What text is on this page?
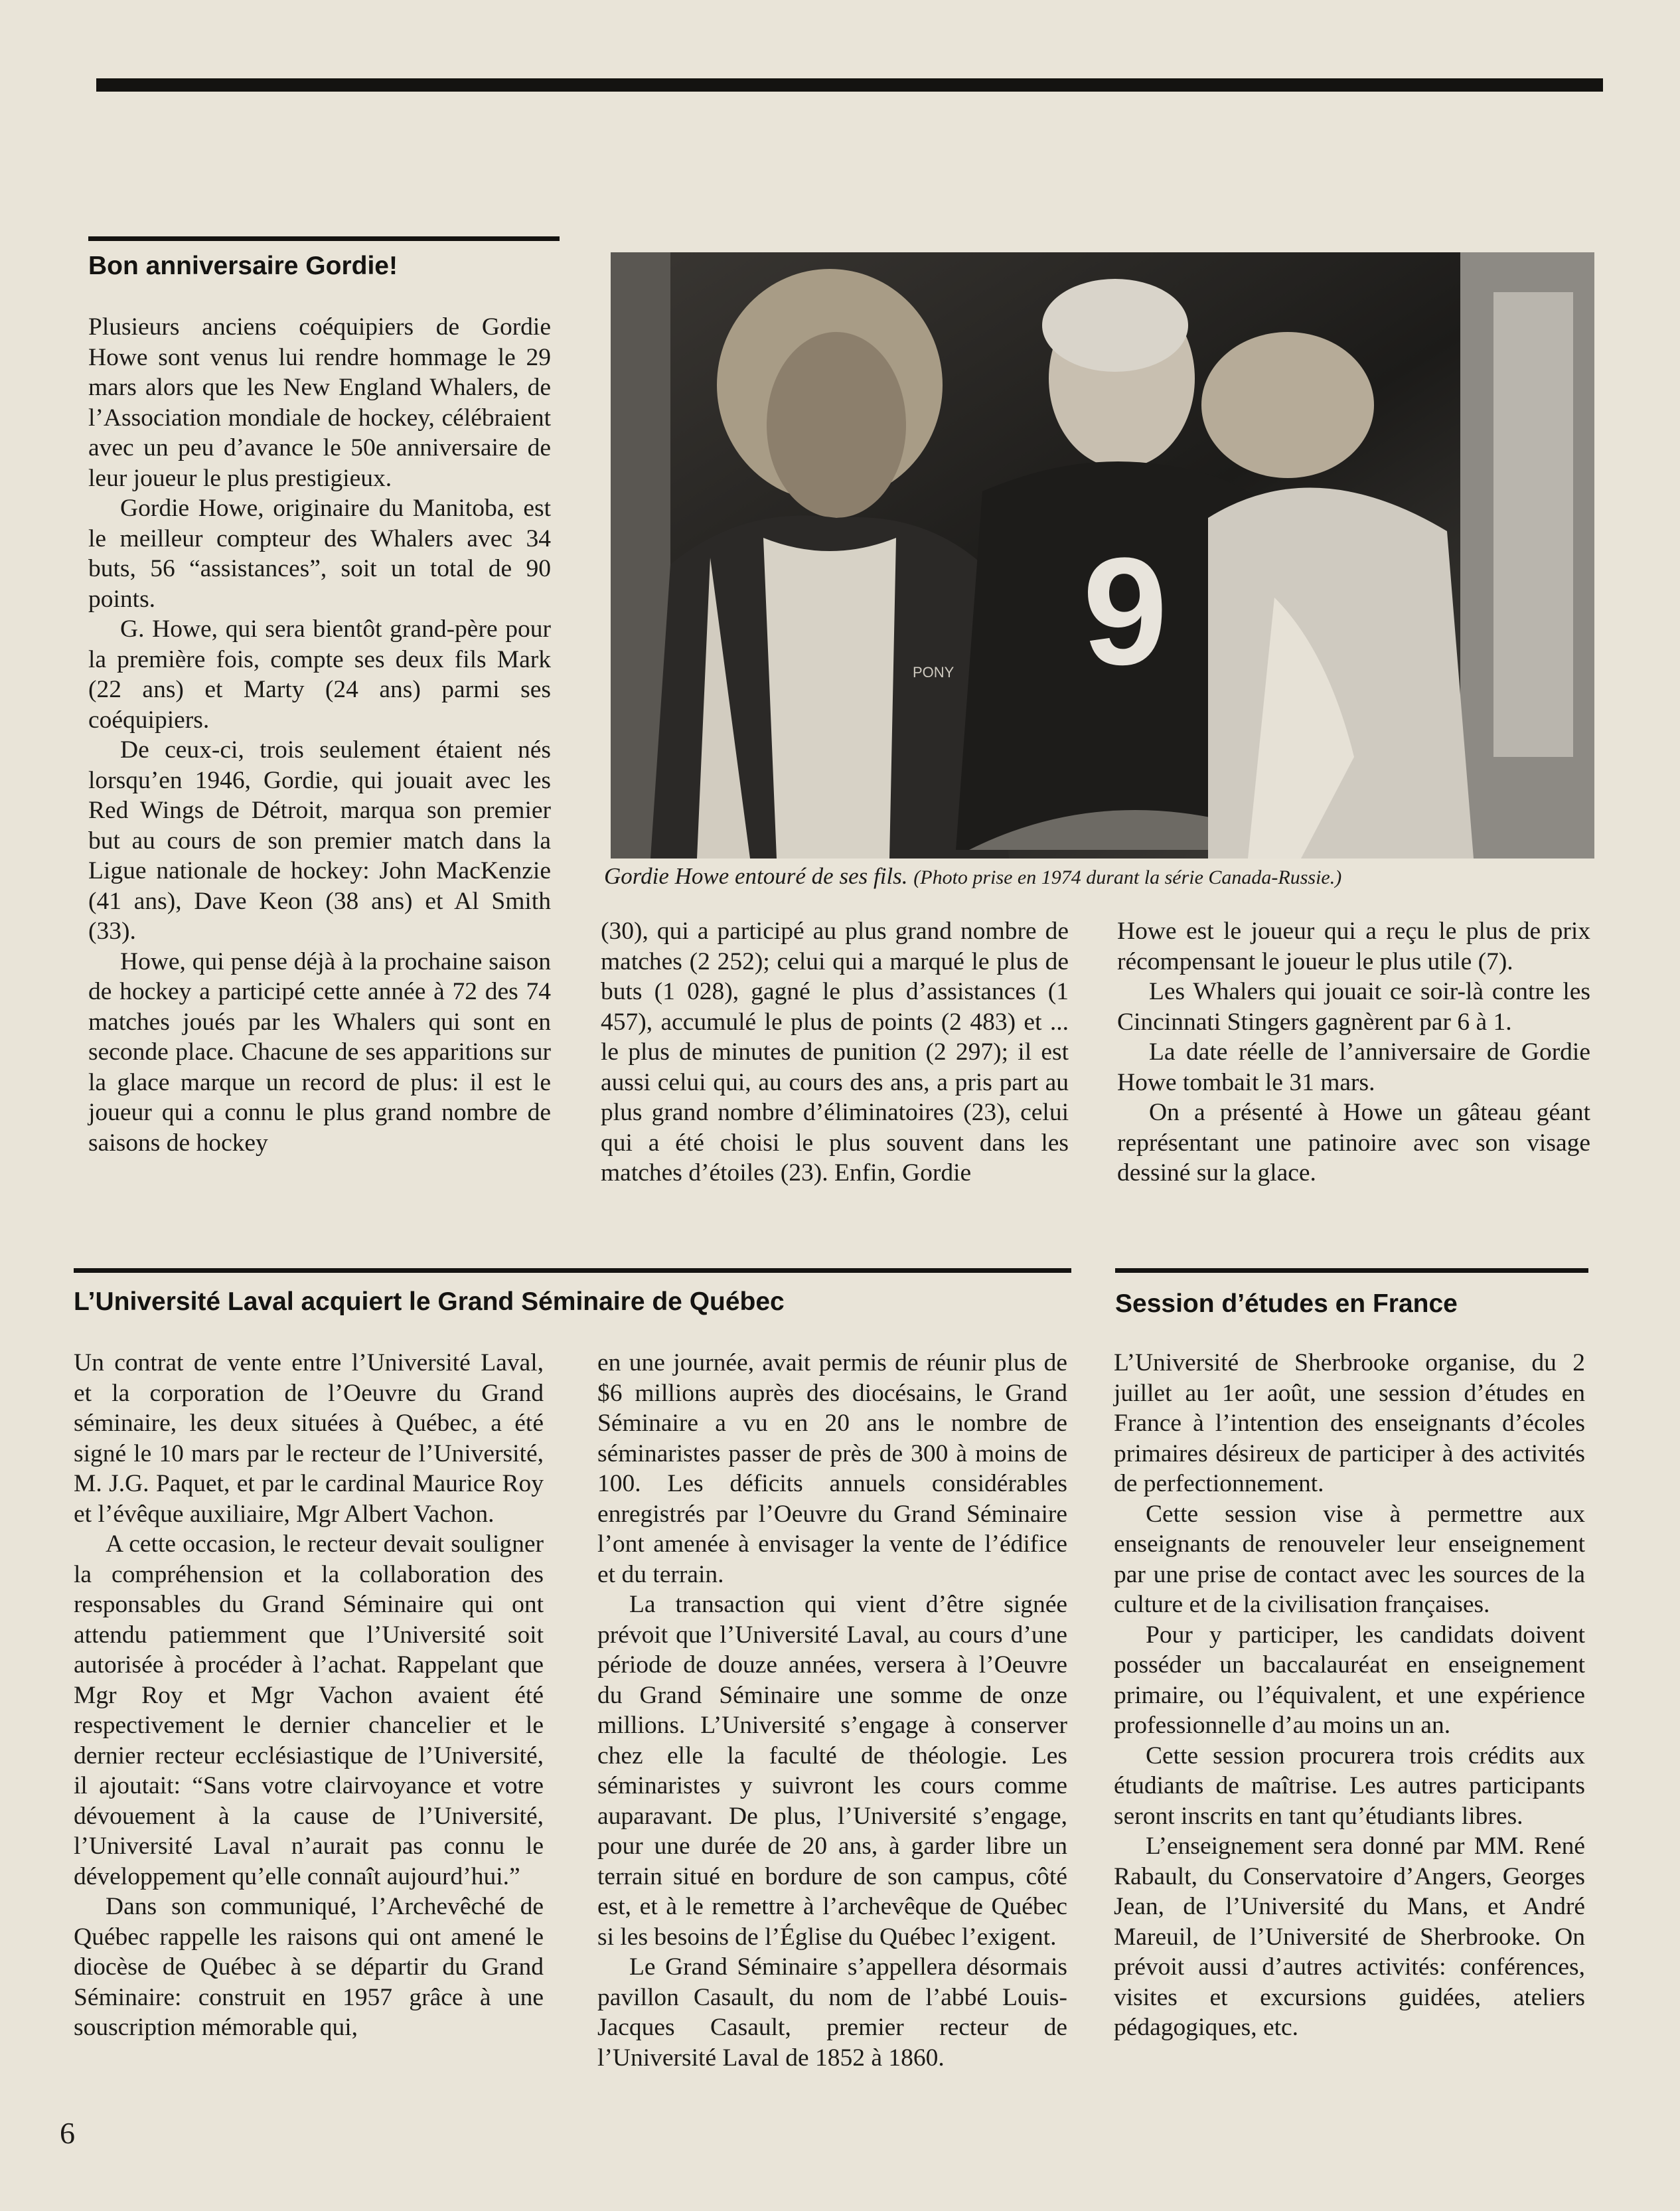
Bon anniversaire Gordie!

Plusieurs anciens coéquipiers de Gordie Howe sont venus lui rendre hommage le 29 mars alors que les New England Whalers, de l’Association mondiale de hockey, célébraient avec un peu d’avance le 50e anniversaire de leur joueur le plus prestigieux.

Gordie Howe, originaire du Manitoba, est le meilleur compteur des Whalers avec 34 buts, 56 “assistances”, soit un total de 90 points.

G. Howe, qui sera bientôt grand-père pour la première fois, compte ses deux fils Mark (22 ans) et Marty (24 ans) parmi ses coéquipiers.

De ceux-ci, trois seulement étaient nés lorsqu’en 1946, Gordie, qui jouait avec les Red Wings de Détroit, marqua son premier but au cours de son premier match dans la Ligue nationale de hockey: John MacKenzie (41 ans), Dave Keon (38 ans) et Al Smith (33).

Howe, qui pense déjà à la prochaine saison de hockey a participé cette année à 72 des 74 matches joués par les Whalers qui sont en seconde place. Chacune de ses apparitions sur la glace marque un record de plus: il est le joueur qui a connu le plus grand nombre de saisons de hockey

9
PONY
Gordie Howe entouré de ses fils. (Photo prise en 1974 durant la série Canada-Russie.)

(30), qui a participé au plus grand nombre de matches (2 252); celui qui a marqué le plus de buts (1 028), gagné le plus d’assistances (1 457), accumulé le plus de points (2 483) et ... le plus de minutes de punition (2 297); il est aussi celui qui, au cours des ans, a pris part au plus grand nombre d’éliminatoires (23), celui qui a été choisi le plus souvent dans les matches d’étoiles (23). Enfin, Gordie

Howe est le joueur qui a reçu le plus de prix récompensant le joueur le plus utile (7).

Les Whalers qui jouait ce soir-là contre les Cincinnati Stingers gagnèrent par 6 à 1.

La date réelle de l’anniversaire de Gordie Howe tombait le 31 mars.

On a présenté à Howe un gâteau géant représentant une patinoire avec son visage dessiné sur la glace.

L’Université Laval acquiert le Grand Séminaire de Québec

Un contrat de vente entre l’Université Laval, et la corporation de l’Oeuvre du Grand séminaire, les deux situées à Québec, a été signé le 10 mars par le recteur de l’Université, M. J.G. Paquet, et par le cardinal Maurice Roy et l’évêque auxiliaire, Mgr Albert Vachon.

A cette occasion, le recteur devait souligner la compréhension et la collaboration des responsables du Grand Séminaire qui ont attendu patiemment que l’Université soit autorisée à procéder à l’achat. Rappelant que Mgr Roy et Mgr Vachon avaient été respectivement le dernier chancelier et le dernier recteur ecclésiastique de l’Université, il ajoutait: “Sans votre clairvoyance et votre dévouement à la cause de l’Université, l’Université Laval n’aurait pas connu le développement qu’elle connaît aujourd’hui.”

Dans son communiqué, l’Archevêché de Québec rappelle les raisons qui ont amené le diocèse de Québec à se départir du Grand Séminaire: construit en 1957 grâce à une souscription mémorable qui,

en une journée, avait permis de réunir plus de $6 millions auprès des diocésains, le Grand Séminaire a vu en 20 ans le nombre de séminaristes passer de près de 300 à moins de 100. Les déficits annuels considérables enregistrés par l’Oeuvre du Grand Séminaire l’ont amenée à envisager la vente de l’édifice et du terrain.

La transaction qui vient d’être signée prévoit que l’Université Laval, au cours d’une période de douze années, versera à l’Oeuvre du Grand Séminaire une somme de onze millions. L’Université s’engage à conserver chez elle la faculté de théologie. Les séminaristes y suivront les cours comme auparavant. De plus, l’Université s’engage, pour une durée de 20 ans, à garder libre un terrain situé en bordure de son campus, côté est, et à le remettre à l’archevêque de Québec si les besoins de l’Église du Québec l’exigent.

Le Grand Séminaire s’appellera désormais pavillon Casault, du nom de l’abbé Louis-Jacques Casault, premier recteur de l’Université Laval de 1852 à 1860.

Session d’études en France

L’Université de Sherbrooke organise, du 2 juillet au 1er août, une session d’études en France à l’intention des enseignants d’écoles primaires désireux de participer à des activités de perfectionnement.

Cette session vise à permettre aux enseignants de renouveler leur enseignement par une prise de contact avec les sources de la culture et de la civilisation françaises.

Pour y participer, les candidats doivent posséder un baccalauréat en enseignement primaire, ou l’équivalent, et une expérience professionnelle d’au moins un an.

Cette session procurera trois crédits aux étudiants de maîtrise. Les autres participants seront inscrits en tant qu’étudiants libres.

L’enseignement sera donné par MM. René Rabault, du Conservatoire d’Angers, Georges Jean, de l’Université du Mans, et André Mareuil, de l’Université de Sherbrooke. On prévoit aussi d’autres activités: conférences, visites et excursions guidées, ateliers pédagogiques, etc.

6
